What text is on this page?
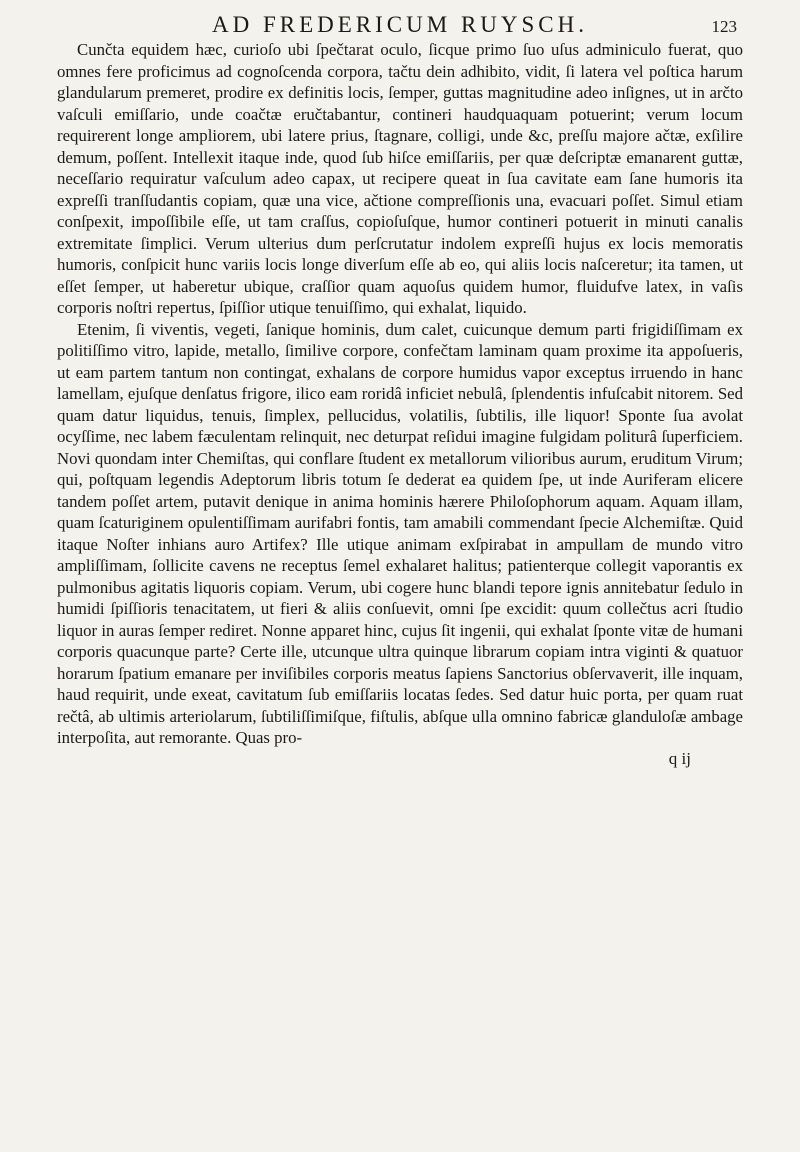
AD FREDERICUM RUYSCH.	123

Cunčta equidem hæc, curioſo ubi ſpečtarat oculo, ſicque primo ſuo uſus adminiculo fuerat, quo omnes fere proficimus ad cognoſcenda corpora, tačtu dein adhibito, vidit, ſi latera vel poſtica harum glandularum premeret, prodire ex definitis locis, ſemper, guttas magnitudine adeo inſignes, ut in arčto vaſculi emiſſario, unde coačtæ eručtabantur, contineri haudquaquam potuerint; verum locum requirerent longe ampliorem, ubi latere prius, ſtagnare, colligi, unde &c, preſſu majore ačtæ, exſilire demum, poſſent. Intellexit itaque inde, quod ſub hiſce emiſſariis, per quæ deſcriptæ emanarent guttæ, neceſſario requiratur vaſculum adeo capax, ut recipere queat in ſua cavitate eam ſane humoris ita expreſſi tranſſudantis copiam, quæ una vice, ačtione compreſſionis una, evacuari poſſet. Simul etiam conſpexit, impoſſibile eſſe, ut tam craſſus, copioſuſque, humor contineri potuerit in minuti canalis extremitate ſimplici. Verum ulterius dum perſcrutatur indolem expreſſi hujus ex locis memoratis humoris, conſpicit hunc variis locis longe diverſum eſſe ab eo, qui aliis locis naſceretur; ita tamen, ut eſſet ſemper, ut haberetur ubique, craſſior quam aquoſus quidem humor, fluidufve latex, in vaſis corporis noſtri repertus, ſpiſſior utique tenuiſſimo, qui exhalat, liquido.

Etenim, ſi viventis, vegeti, ſanique hominis, dum calet, cuicunque demum parti frigidiſſimam ex politiſſimo vitro, lapide, metallo, ſimilive corpore, confečtam laminam quam proxime ita appoſueris, ut eam partem tantum non contingat, exhalans de corpore humidus vapor exceptus irruendo in hanc lamellam, ejuſque denſatus frigore, ilico eam roridâ inficiet nebulâ, ſplendentis infuſcabit nitorem. Sed quam datur liquidus, tenuis, ſimplex, pellucidus, volatilis, ſubtilis, ille liquor! Sponte ſua avolat ocyſſime, nec labem fæculentam relinquit, nec deturpat reſidui imagine fulgidam politurâ ſuperficiem. Novi quondam inter Chemiſtas, qui conflare ſtudent ex metallorum vilioribus aurum, eruditum Virum; qui, poſtquam legendis Adeptorum libris totum ſe dederat ea quidem ſpe, ut inde Auriferam elicere tandem poſſet artem, putavit denique in anima hominis hærere Philoſophorum aquam. Aquam illam, quam ſcaturiginem opulentiſſimam aurifabri fontis, tam amabili commendant ſpecie Alchemiſtæ. Quid itaque Noſter inhians auro Artifex? Ille utique animam exſpirabat in ampullam de mundo vitro ampliſſimam, ſollicite cavens ne receptus ſemel exhalaret halitus; patienterque collegit vaporantis ex pulmonibus agitatis liquoris copiam. Verum, ubi cogere hunc blandi tepore ignis annitebatur ſedulo in humidi ſpiſſioris tenacitatem, ut fieri & aliis conſuevit, omni ſpe excidit: quum collečtus acri ſtudio liquor in auras ſemper rediret. Nonne apparet hinc, cujus ſit ingenii, qui exhalat ſponte vitæ de humani corporis quacunque parte? Certe ille, utcunque ultra quinque librarum copiam intra viginti & quatuor horarum ſpatium emanare per inviſibiles corporis meatus ſapiens Sanctorius obſervaverit, ille inquam, haud requirit, unde exeat, cavitatum ſub emiſſariis locatas ſedes. Sed datur huic porta, per quam ruat rečtâ, ab ultimis arteriolarum, ſubtiliſſimiſque, fiſtulis, abſque ulla omnino fabricæ glanduloſæ ambage interpoſita, aut remorante. Quas pro-

q ij
